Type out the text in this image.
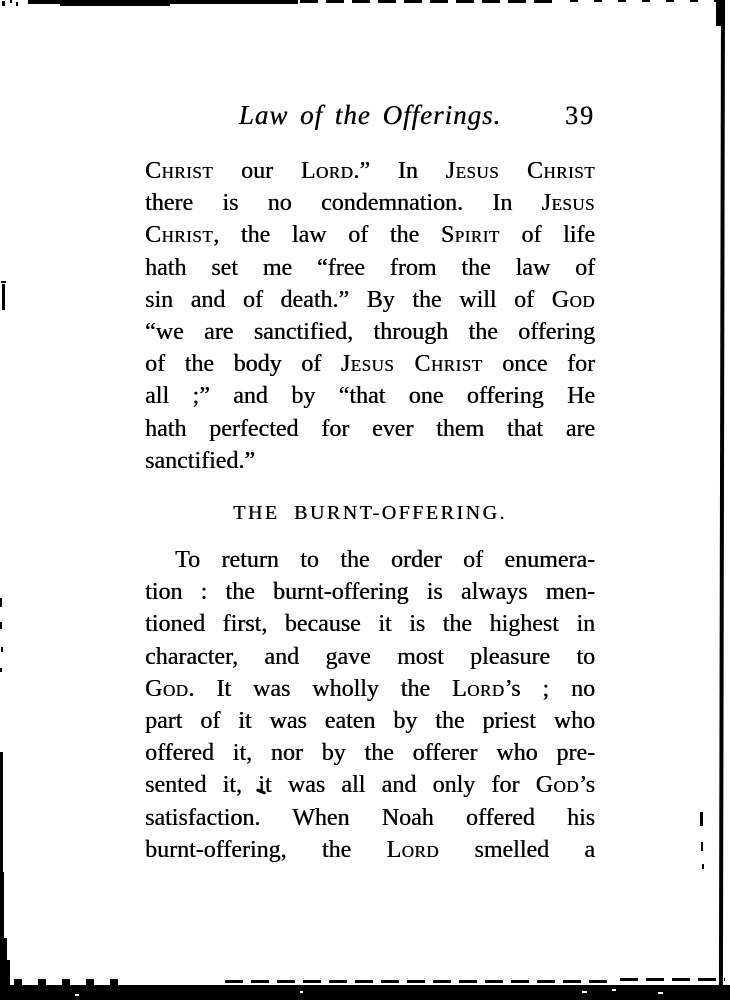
Law of the Offerings. 39
Christ our Lord.” In Jesus Christ
there is no condemnation. In Jesus
Christ, the law of the Spirit of life
hath set me “free from the law of
sin and of death.” By the will of God
“we are sanctified, through the offering
of the body of Jesus Christ once for
all ;” and by “that one offering He
hath perfected for ever them that are
sanctified.”
THE BURNT-OFFERING.
To return to the order of enumera-
tion : the burnt-offering is always men-
tioned first, because it is the highest in
character, and gave most pleasure to
God. It was wholly the Lord’s ; no
part of it was eaten by the priest who
offered it, nor by the offerer who pre-
sented it, it was all and only for God’s
satisfaction. When Noah offered his
burnt-offering, the Lord smelled a
